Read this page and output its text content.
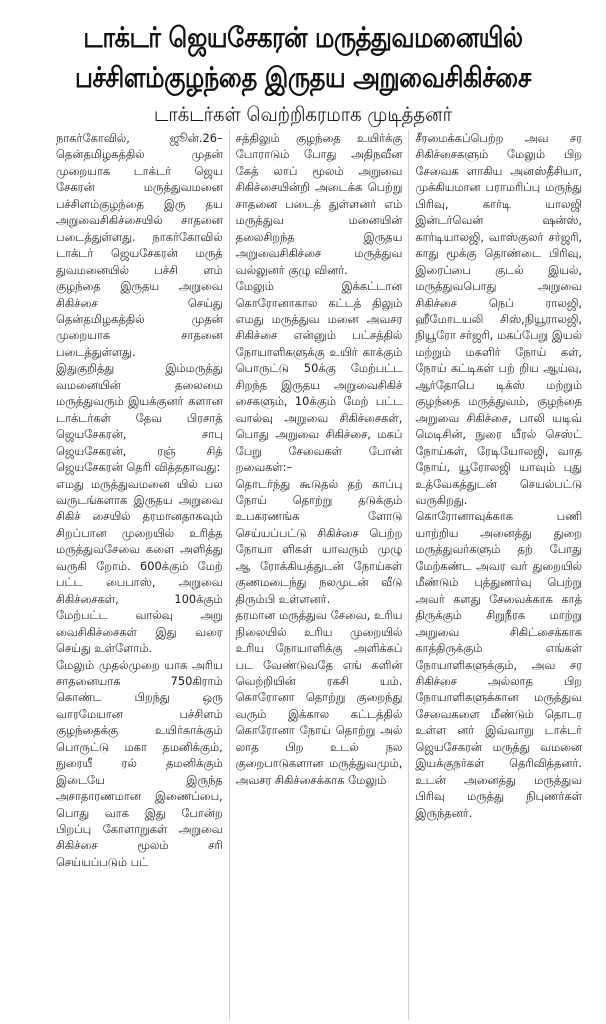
டாக்டர் ஜெயசேகரன் மருத்துவமனையில்
பச்சிளம்குழந்தை இருதய அறுவைசிகிச்சை
டாக்டர்கள் வெற்றிகரமாக முடித்தனர்

நாகர்கோவில், ஜூன்.26– தென்தமிழகத்தில் முதன் முறையாக டாக்டர் ஜெய சேகரன் மருத்துவமனை பச்சிளம்குழந்தை இரு தய அறுவைசிகிச்சையில் சாதனை படைத்துள்ளது. நாகர்கோவில் டாக்டர் ஜெயசேகரன் மருத் துவமனையில் பச்சி ளம் குழந்தை இருதய அறுவை சிகிச்சை செய்து தென்தமிழகத்தில் முதன் முறையாக சாதனை படைத்துள்ளது.

இதுகுறித்து இம்மருத்து வமனையின் தலைமை மருத்துவரும் இயக்குனர் களான டாக்டர்கள் தேவ பிரசாத் ஜெயசேகரன், சாபு ஜெயசேகரன், ரஞ் சித் ஜெயசேகரன் தெரி வித்ததாவது:

எமது மருத்துவமனை யில் பல வருடங்களாக இருதய அறுவை சிகிச் சையில் தரமானதாகவும் சிறப்பான முறையில் உரித்த மருத்துவசேவை களை அளித்து வருகி றோம். 600க்கும் மேற் பட்ட பைபாஸ், அறுவை சிகிச்சைகள், 100க்கும் மேற்பட்ட வால்வு அறு வைசிகிச்சைகள் இது வரை செய்து உள்ளோம்.

மேலும் முதல்முறை யாக அரிய சாதனையாக 750கிராம் கொண்ட பிறந்து ஒரு வாரமேயான பச்சிளம் குழந்தைக்கு உயிர்காக்கும் பொருட்டு மகா தமனிக்கும், நுரையீ ரல் தமனிக்கும் இடையே இருந்த அசாதாரணமான இணைப்பை, பொது வாக இது போன்ற பிறப்பு கோளாறுகள் அறுவை சிகிச்சை மூலம் சரி செய்யப்படும் பட்

சத்திலும் குழந்தை உயிர்க்கு போராடும் போது அதிநவீன கேத் லாப் மூலம் அறுவை சிகிச்சையின்றி அடைக்க பெற்று சாதனை படைத் துள்ளனர் எம் மருத்துவ மனையின் தலைசிறந்த இருதய அறுவைசிகிச்சை மருத்துவ வல்லுனர் குழு வினர்.

மேலும் இக்கட்டான கொரோனாகால கட்டத் திலும் எமது மருத்துவ மனை அவசர சிகிச்சை என்னும் பட்சத்தில் நோயாளிகளுக்கு உயிர் காக்கும் பொருட்டு 50க்கு மேற்பட்ட சிறந்த இருதய அறுவைசிகிச் சைகளும், 10க்கும் மேற் பட்ட வால்வு அறுவை சிகிச்சைகள், பொது அறுவை சிகிச்சை, மகப் பேறு சேவைகள் போன் றவைகள்:–

தொடர்ந்து கூடுதல் தற் காப்பு நோய் தொற்று தடுக்கும் உபகரணங்க ளோடு செய்யப்பட்டு சிகிச்சை பெற்ற நோயா ளிகள் யாவரும் முழு ஆ ரோக்கியத்துடன் நோய்கள் குணமடைந்து நலமுடன் வீடு திரும்பி உள்ளனர்.

தரமான மருத்துவ சேவை, உரிய நிலையில் உரிய முறையில் உரிய நோயாளிக்கு அளிக்கப் பட வேண்டுவதே எங் களின் வெற்றியின் ரகசி யம். கொரோனா தொற்று குறைந்து வரும் இக்கால கட்டத்தில் கொரோனா நோய் தொற்று அல் லாத பிற உடல் நல குறைபாடுகளான மருத்துவமும், அவசர சிகிச்சைக்காக மேலும்

சீரமைக்கப்பெற்ற அவ சர சிகிச்சைகளும் மேலும் பிற சேவைக ளாகிய அனஸ்தீசியா, முக்கியமான பராமரிப்பு மருந்து பிரிவு, கார்டி யாலஜி இன்டர்வென் ஷன்ஸ், கார்டியாலஜி, வாஸ்குலர் சர்ஜரி, காது மூக்கு தொண்டை பிரிவு, இரைப்பை குடல் இயல், மருத்துவபொது அறுவை சிகிச்சை நெப் ராலஜி, ஹீமோடயலி சிஸ்,நியூராலஜி, நியூரோ சர்ஜரி, மகப்பேறு இயல் மற்றும் மகளிர் நோய் கள், நோய் கட்டிகள் பற் றிய ஆய்வு, ஆர்தோபெ டிக்ஸ் மற்றும் குழந்தை மருத்துவம், குழந்தை அறுவை சிகிச்சை, பாலி யடிவ் மெடிசின், நுரை யீரல் செஸ்ட் நோய்கள், ரேடியோலஜி, வாத நோய், யூரோலஜி யாவும் புது உத்வேகத்துடன் செயல்பட்டு வருகிறது.

கொரோனாவுக்காக பணி யாற்றிய அனைத்து துறை மருத்துவர்களும் தற் போது மேற்கண்ட அவர வர் துறையில் மீண்டும் புத்துணர்வு பெற்று அவர் களது சேவைக்காக காத் திருக்கும் சிறுநீரக மாற்று அறுவை சிகிட்சைக்காக காத்திருக்கும் எங்கள் நோயாளிகளுக்கும், அவ சர சிகிச்சை அல்லாத பிற நோயாளிகளுக்கான மருத்துவ சேவைகளை மீண்டும் தொடர உள்ள னர் இவ்வாறு டாக்டர் ஜெயசேகரன் மருத்து வமனை இயக்குநர்கள் தெரிவித்தனர். உடன் அனைத்து மருத்துவ பிரிவு மருத்து நிபுணர்கள் இருந்தனர்.
